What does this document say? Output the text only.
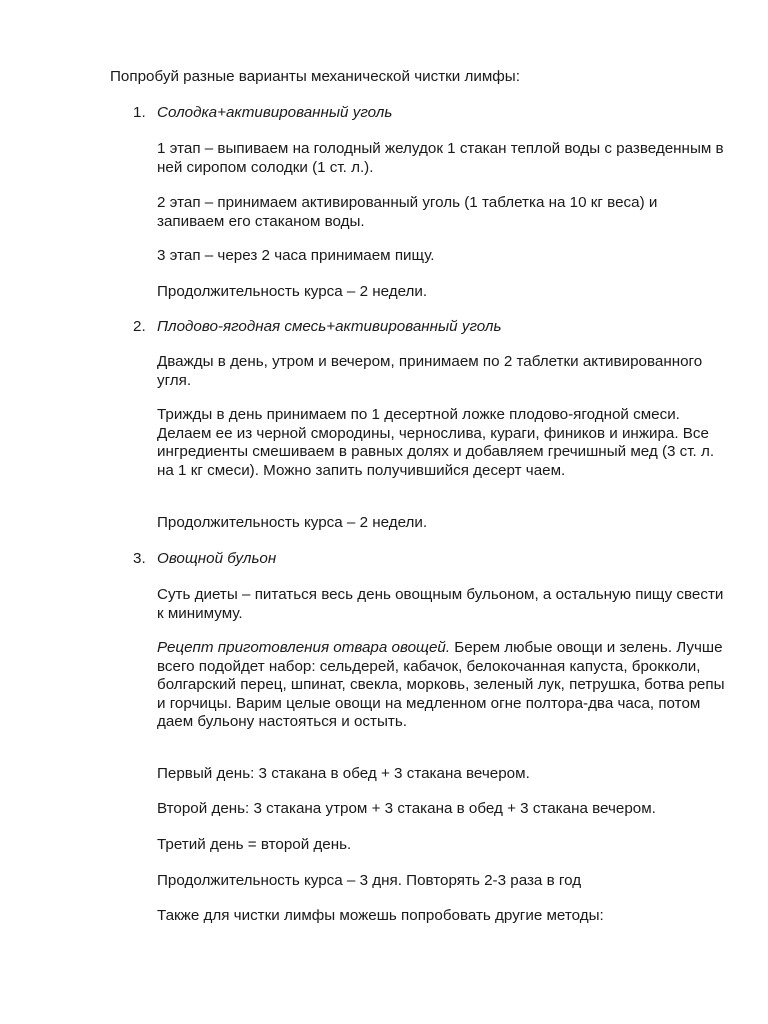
Попробуй разные варианты механической чистки лимфы:
1. Солодка+активированный уголь
1 этап – выпиваем на голодный желудок 1 стакан теплой воды с разведенным в ней сиропом солодки (1 ст. л.).
2 этап – принимаем активированный уголь (1 таблетка на 10 кг веса) и запиваем его стаканом воды.
3 этап – через 2 часа принимаем пищу.
Продолжительность курса – 2 недели.
2. Плодово-ягодная смесь+активированный уголь
Дважды в день, утром и вечером, принимаем по 2 таблетки активированного угля.
Трижды в день принимаем по 1 десертной ложке плодово-ягодной смеси. Делаем ее из черной смородины, чернослива, кураги, фиников и инжира. Все ингредиенты смешиваем в равных долях и добавляем гречишный мед (3 ст. л. на 1 кг смеси). Можно запить получившийся десерт чаем.
Продолжительность курса – 2 недели.
3. Овощной бульон
Суть диеты – питаться весь день овощным бульоном, а остальную пищу свести к минимуму.
Рецепт приготовления отвара овощей. Берем любые овощи и зелень. Лучше всего подойдет набор: сельдерей, кабачок, белокочанная капуста, брокколи, болгарский перец, шпинат, свекла, морковь, зеленый лук, петрушка, ботва репы и горчицы. Варим целые овощи на медленном огне полтора-два часа, потом даем бульону настояться и остыть.
Первый день: 3 стакана в обед + 3 стакана вечером.
Второй день: 3 стакана утром + 3 стакана в обед + 3 стакана вечером.
Третий день = второй день.
Продолжительность курса – 3 дня. Повторять 2-3 раза в год
Также для чистки лимфы можешь попробовать другие методы:
